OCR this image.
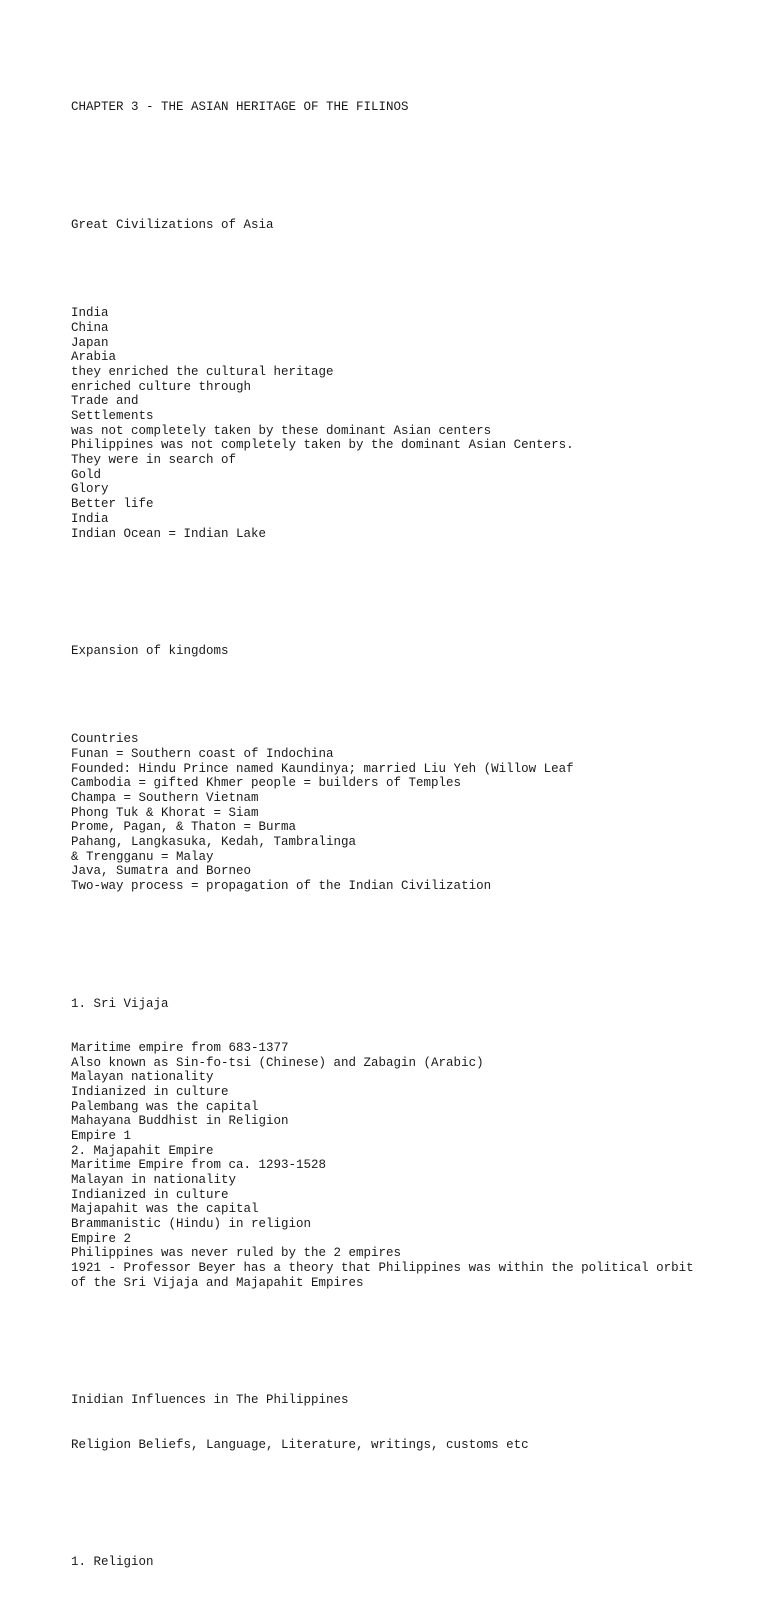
CHAPTER 3 - THE ASIAN HERITAGE OF THE FILINOS

Great Civilizations of Asia

India
China
Japan
Arabia
they enriched the cultural heritage
enriched culture through
Trade and
Settlements
was not completely taken by these dominant Asian centers
Philippines was not completely taken by the dominant Asian Centers.
They were in search of
Gold
Glory
Better life
India
Indian Ocean = Indian Lake

Expansion of kingdoms

Countries
Funan = Southern coast of Indochina
Founded: Hindu Prince named Kaundinya; married Liu Yeh (Willow Leaf
Cambodia = gifted Khmer people = builders of Temples
Champa = Southern Vietnam
Phong Tuk & Khorat = Siam
Prome, Pagan, & Thaton = Burma
Pahang, Langkasuka, Kedah, Tambralinga
& Trengganu = Malay
Java, Sumatra and Borneo
Two-way process = propagation of the Indian Civilization

1. Sri Vijaja

Maritime empire from 683-1377
Also known as Sin-fo-tsi (Chinese) and Zabagin (Arabic)
Malayan nationality
Indianized in culture
Palembang was the capital
Mahayana Buddhist in Religion
Empire 1
2. Majapahit Empire
Maritime Empire from ca. 1293-1528
Malayan in nationality
Indianized in culture
Majapahit was the capital
Brammanistic (Hindu) in religion
Empire 2
Philippines was never ruled by the 2 empires
1921 - Professor Beyer has a theory that Philippines was within the political orbit
of the Sri Vijaja and Majapahit Empires

Inidian Influences in The Philippines

Religion Beliefs, Language, Literature, writings, customs etc

1. Religion
